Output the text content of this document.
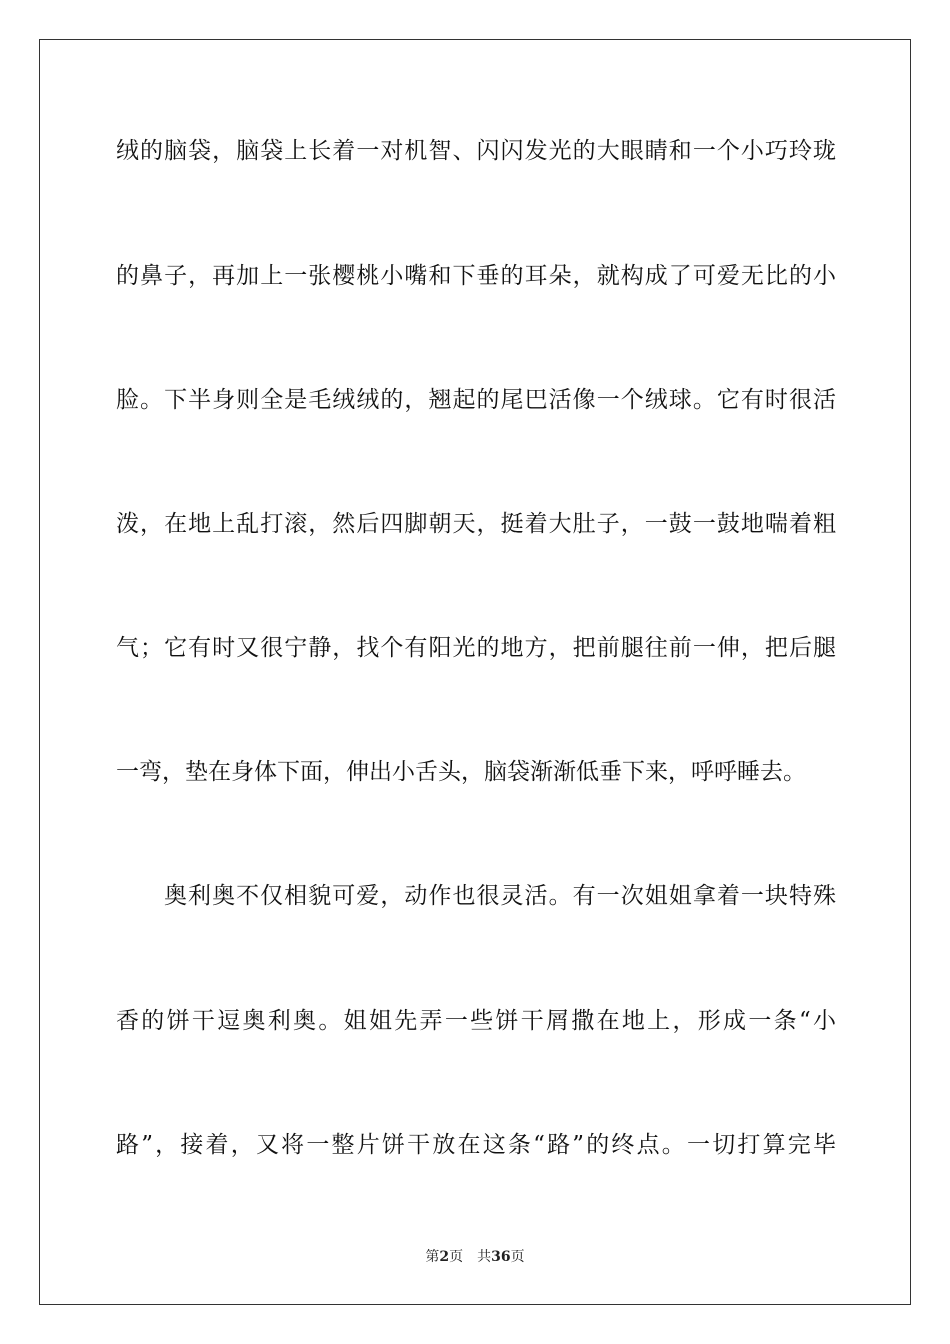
绒的脑袋，脑袋上长着一对机智、闪闪发光的大眼睛和一个小巧玲珑
的鼻子，再加上一张樱桃小嘴和下垂的耳朵，就构成了可爱无比的小
脸。下半身则全是毛绒绒的，翘起的尾巴活像一个绒球。它有时很活
泼，在地上乱打滚，然后四脚朝天，挺着大肚子，一鼓一鼓地喘着粗
气；它有时又很宁静，找个有阳光的地方，把前腿往前一伸，把后腿
一弯，垫在身体下面，伸出小舌头，脑袋渐渐低垂下来，呼呼睡去。
奥利奥不仅相貌可爱，动作也很灵活。有一次姐姐拿着一块特殊
香的饼干逗奥利奥。姐姐先弄一些饼干屑撒在地上，形成一条“小
路”，接着，又将一整片饼干放在这条“路”的终点。一切打算完毕
第2页 共36页
